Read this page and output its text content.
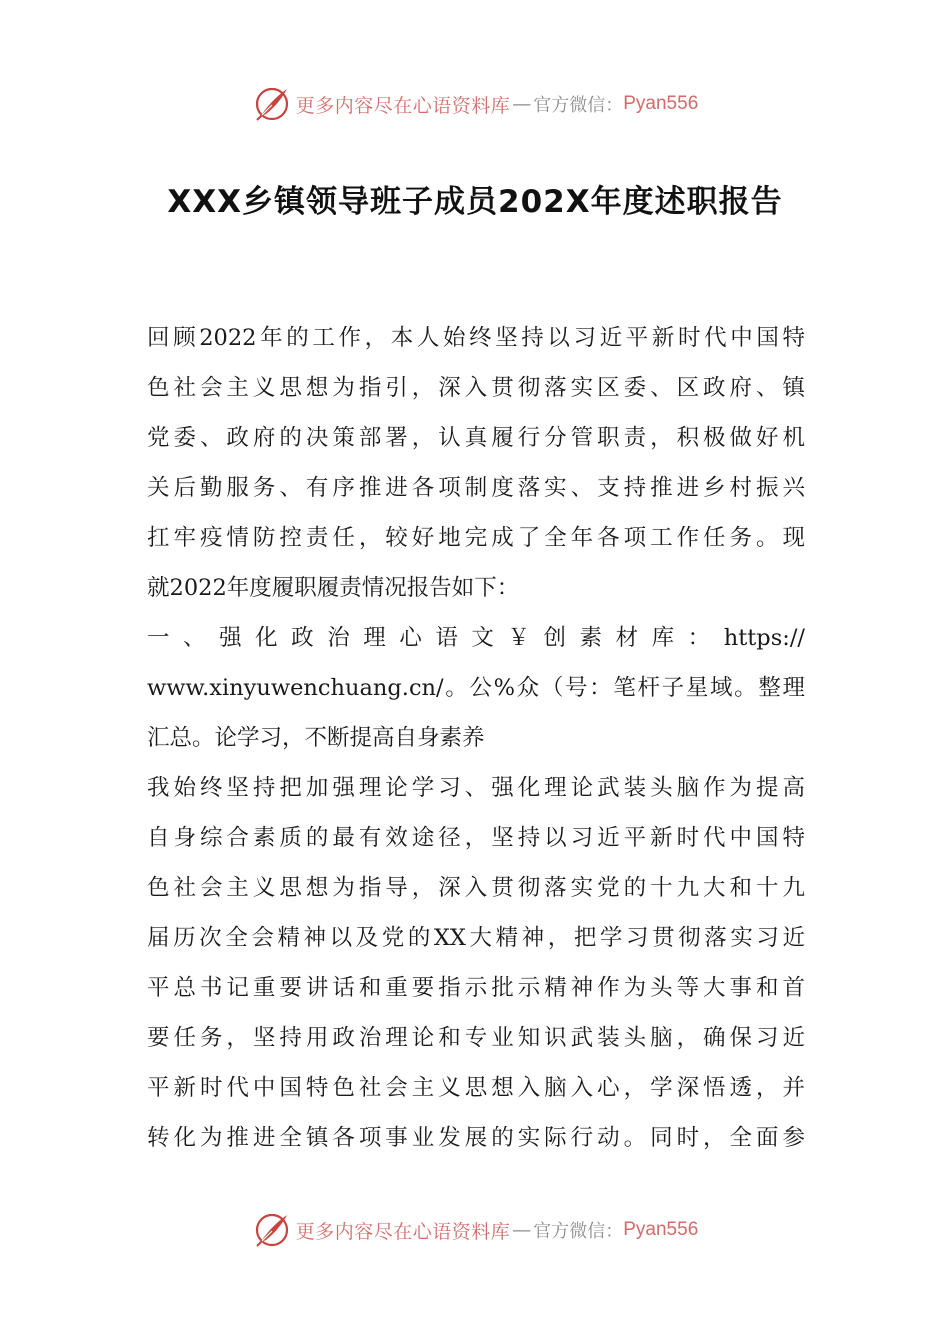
更多内容尽在心语资料库 — 官方微信： Pyan556
XXX乡镇领导班子成员202X年度述职报告
回顾2022年的工作，本人始终坚持以习近平新时代中国特
色社会主义思想为指引，深入贯彻落实区委、区政府、镇
党委、政府的决策部署，认真履行分管职责，积极做好机
关后勤服务、有序推进各项制度落实、支持推进乡村振兴
扛牢疫情防控责任，较好地完成了全年各项工作任务。现
就2022年度履职履责情况报告如下：
一、强化政治理心语文￥创素材库：https://
www.xinyuwenchuang.cn/。公%众（号：笔杆子星域。整理
汇总。论学习，不断提高自身素养
我始终坚持把加强理论学习、强化理论武装头脑作为提高
自身综合素质的最有效途径，坚持以习近平新时代中国特
色社会主义思想为指导，深入贯彻落实党的十九大和十九
届历次全会精神以及党的XX大精神，把学习贯彻落实习近
平总书记重要讲话和重要指示批示精神作为头等大事和首
要任务，坚持用政治理论和专业知识武装头脑，确保习近
平新时代中国特色社会主义思想入脑入心，学深悟透，并
转化为推进全镇各项事业发展的实际行动。同时，全面参
更多内容尽在心语资料库 — 官方微信： Pyan556
